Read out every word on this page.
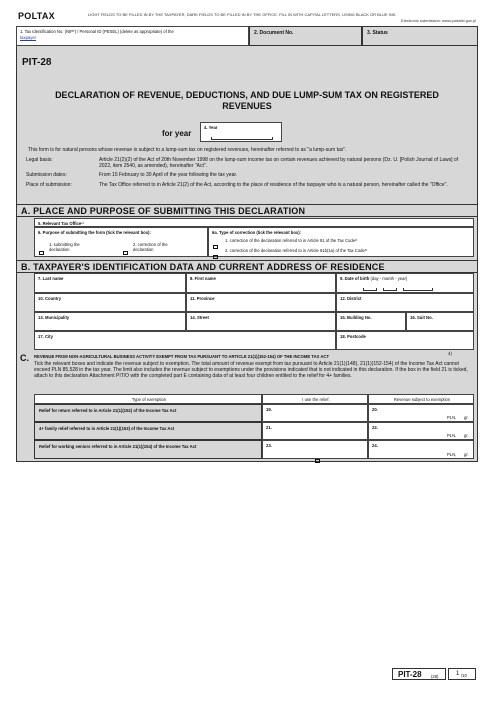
POLTAX	LIGHT FIELDS TO BE FILLED IN BY THE TAXPAYER, DARK FIELDS TO BE FILLED IN BY THE OFFICE. FILL IN WITH CAPITAL LETTERS, USING BLACK OR BLUE INK.
Electronic submission: www.podatki.gov.pl
1. Tax Identification No. (NIP*) / Personal ID (PESEL) (delete as appropriate) of the
taxpayer
2. Document No.	3. Status
PIT-28
DECLARATION OF REVENUE, DEDUCTIONS, AND DUE LUMP-SUM TAX ON REGISTERED REVENUES
for year
4. Year
This form is for natural persons whose revenue is subject to a lump-sum tax on registered revenues, hereinafter referred to as "a lump-sum tax".
Legal basis:	Article 21(2)(2) of the Act of 20th November 1998 on the lump-sum income tax on certain revenues achieved by natural persons (Dz. U. [Polish Journal of Laws] of 2022, item 2540, as amended), hereinafter "Act".
Submission dates:	From 15 February to 30 April of the year following the tax year.
Place of submission:	The Tax Office referred to in Article 21(2) of the Act, according to the place of residence of the taxpayer who is a natural person, hereinafter called the "Office".
A. PLACE AND PURPOSE OF SUBMITTING THIS DECLARATION
5. Relevant Tax Office¹⁾
6. Purpose of submitting the form (tick the relevant box):
1. submitting the declaration
2. correction of the declaration
6a. Type of correction (tick the relevant box):
1. correction of the declaration referred to in Article 81 of the Tax Code²⁾
2. correction of the declaration referred to in Article 81b(1a) of the Tax Code³⁾
B. TAXPAYER'S IDENTIFICATION DATA AND CURRENT ADDRESS OF RESIDENCE
7. Last name	8. First name	9. Date of birth (day - month - year)
10. Country	11. Province	12. District
13. Municipality	14. Street	15. Building No.	16. Suit No.
17. City	18. Postcode
C. REVENUE FROM NON-AGRICULTURAL BUSINESS ACTIVITY EXEMPT FROM TAX PURSUANT TO ARTICLE 21(1)(152-154) OF THE INCOME TAX ACT
4)
Tick the relevant boxes and indicate the revenue subject to exemption. The total amount of revenue exempt from tax pursuant to Article 21(1)(148), 21(1)(152-154) of the Income Tax Act cannot exceed PLN 85,528 in the tax year. The limit also includes the revenue subject to exemptions under the provisions indicated that is not indicated in this declaration. If the box in the field 21 is ticked, attach to this declaration Attachment PIT/O with the completed part E containing data of at least four children entitled to the relief for 4+ families.
Type of exemption	I use the relief.	Revenue subject to exemption
Relief for return referred to in Article 21(1)(152) of the Income Tax Act	19.	20.
PLN, gr.
4+ family relief referred to in Article 21(1)(153) of the Income Tax Act	21.	22.
PLN, gr.
Relief for working seniors referred to in Article 21(1)(154) of the Income Tax Act	23.	24.
PLN, gr.
PIT-28 (28)	1 /10
